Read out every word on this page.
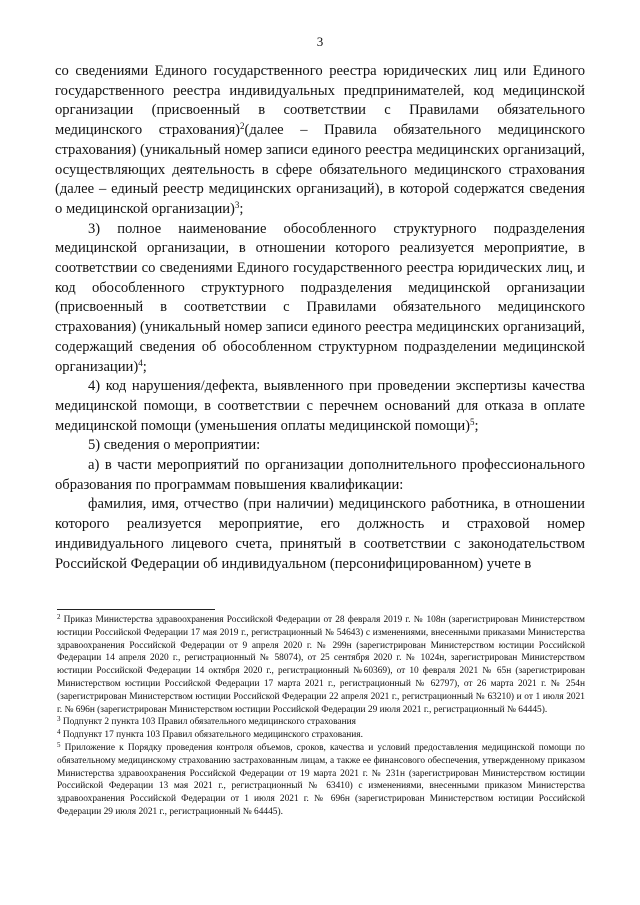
3

со сведениями Единого государственного реестра юридических лиц или Единого государственного реестра индивидуальных предпринимателей, код медицинской организации (присвоенный в соответствии с Правилами обязательного медицинского страхования)$^2$(далее – Правила обязательного медицинского страхования) (уникальный номер записи единого реестра медицинских организаций, осуществляющих деятельность в сфере обязательного медицинского страхования (далее – единый реестр медицинских организаций), в которой содержатся сведения о медицинской организации)$^3$;

3) полное наименование обособленного структурного подразделения медицинской организации, в отношении которого реализуется мероприятие, в соответствии со сведениями Единого государственного реестра юридических лиц, и код обособленного структурного подразделения медицинской организации (присвоенный в соответствии с Правилами обязательного медицинского страхования) (уникальный номер записи единого реестра медицинских организаций, содержащий сведения об обособленном структурном подразделении медицинской организации)$^4$;

4) код нарушения/дефекта, выявленного при проведении экспертизы качества медицинской помощи, в соответствии с перечнем оснований для отказа в оплате медицинской помощи (уменьшения оплаты медицинской помощи)$^5$;

5) сведения о мероприятии:

а) в части мероприятий по организации дополнительного профессионального образования по программам повышения квалификации:

фамилия, имя, отчество (при наличии) медицинского работника, в отношении которого реализуется мероприятие, его должность и страховой номер индивидуального лицевого счета, принятый в соответствии с законодательством Российской Федерации об индивидуальном (персонифицированном) учете в

$^2$ Приказ Министерства здравоохранения Российской Федерации от 28 февраля 2019 г. № 108н (зарегистрирован Министерством юстиции Российской Федерации 17 мая 2019 г., регистрационный № 54643) с изменениями, внесенными приказами Министерства здравоохранения Российской Федерации от 9 апреля 2020 г. № 299н (зарегистрирован Министерством юстиции Российской Федерации 14 апреля 2020 г., регистрационный № 58074), от 25 сентября 2020 г. № 1024н, зарегистрирован Министерством юстиции Российской Федерации 14 октября 2020 г., регистрационный №60369), от 10 февраля 2021 № 65н (зарегистрирован Министерством юстиции Российской Федерации 17 марта 2021 г., регистрационный № 62797), от 26 марта 2021 г. № 254н (зарегистрирован Министерством юстиции Российской Федерации 22 апреля 2021 г., регистрационный № 63210) и от 1 июля 2021 г. № 696н (зарегистрирован Министерством юстиции Российской Федерации 29 июля 2021 г., регистрационный № 64445).

$^3$ Подпункт 2 пункта 103 Правил обязательного медицинского страхования

$^4$ Подпункт 17 пункта 103 Правил обязательного медицинского страхования.

$^5$ Приложение к Порядку проведения контроля объемов, сроков, качества и условий предоставления медицинской помощи по обязательному медицинскому страхованию застрахованным лицам, а также ее финансового обеспечения, утвержденному приказом Министерства здравоохранения Российской Федерации от 19 марта 2021 г. № 231н (зарегистрирован Министерством юстиции Российской Федерации 13 мая 2021 г., регистрационный № 63410) с изменениями, внесенными приказом Министерства здравоохранения Российской Федерации от 1 июля 2021 г. № 696н (зарегистрирован Министерством юстиции Российской Федерации 29 июля 2021 г., регистрационный № 64445).
